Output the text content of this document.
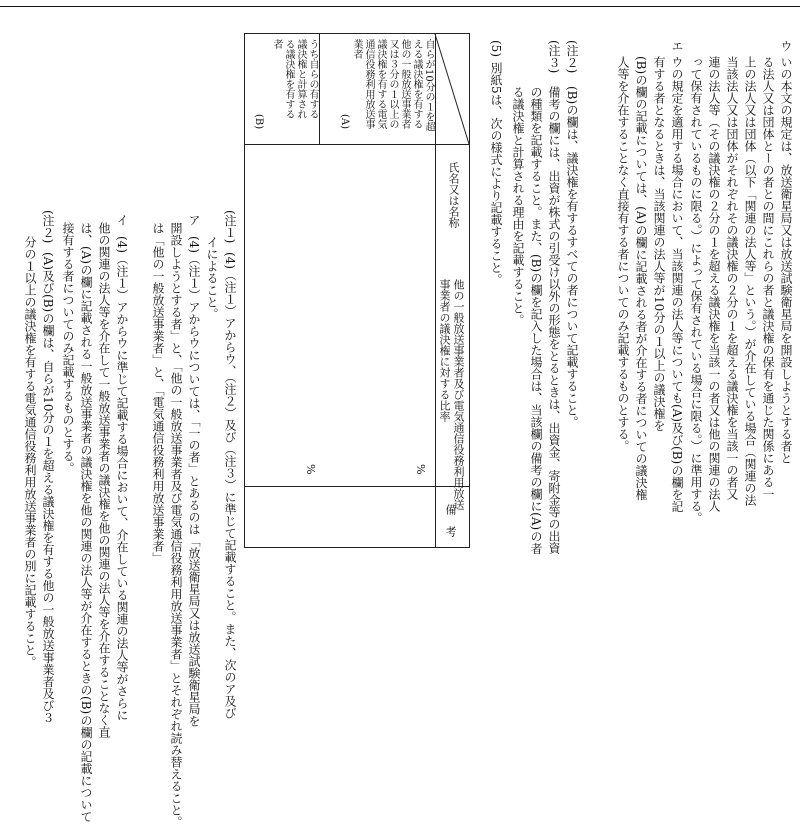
ウ
いの本文の規定は、放送衛星局又は放送試験衛星局を開設しようとする者と
る法人又は団体とーの者との間にこれらの者と議決権の保有を通じた関係にある一
上の法人又は団体（以下「関連の法人等」という。）が介在している場合（関連の法
当該法人又は団体がそれぞれその議決権の２分の１を超える議決権を当該一の者又
連の法人等（その議決権の２分の１を超える議決権を当該一の者又は他の関連の法人
って保有されているものに限る。）によって保有されている場合に限る。）に準用する。
エ
ウの規定を適用する場合において、当該関連の法人等についても(A)及び(B)の欄を記
有する者となるときは、当該関連の法人等が10分の１以上の議決権を
(B)の欄の記載については、(A)の欄に記載される者が介在する者についての議決権
人等を介在することなく直接有する者についてのみ記載するものとする。
(注２)
(B)の欄は、議決権を有するすべての者について記載すること。
(注３)
備考の欄には、出資が株式の引受け以外の形態をとるときは、出資金、寄附金等の出資
の種類を記載すること。また、(B)の欄を記入した場合は、当該欄の備考の欄に(A)の者
る議決権と計算される理由を記載すること。
(5)
別紙5は、次の様式により記載すること。
氏名又は名称
他の一般放送事業者及び電気通信役務利用放送
事業者の議決権に対する比率
備　考
自らが10分の１を超
える議決権を有する
他の一般放送事業者
又は３分の１以上の
議決権を有する電気
通信役務利用放送事
業者
(A)
うち自らの有する
議決権と計算され
る議決権を有する
者
(B)
%
%
(注１)
(4)（注１）アからウ、（注２）及び（注３）に準じて記載すること。また、次のア及び
イによること。
ア
(4)（注１）アからウについては、「一の者」とあるのは「放送衛星局又は放送試験衛星局を
開設しようとする者」と、「他の一般放送事業者及び電気通信役務利用放送事業者」とそれぞれ読み替えること。
は「他の一般放送事業者」と、「電気通信役務利用放送事業者」
イ
(4)（注１）アからウに準じて記載する場合において、介在している関連の法人等がさらに
他の関連の法人等を介在して一般放送事業者の議決権を他の関連の法人等を介在することなく直
は、(A)の欄に記載される一般放送事業者の議決権を他の関連の法人等が介在するときの(B)の欄の記載について
接有する者についてのみ記載するものとする。
(注２)
(A)及び(B)の欄は、自らが10分の１を超える議決権を有する他の一般放送事業者及び３
分の１以上の議決権を有する電気通信役務利用放送事業者の別に記載すること。
